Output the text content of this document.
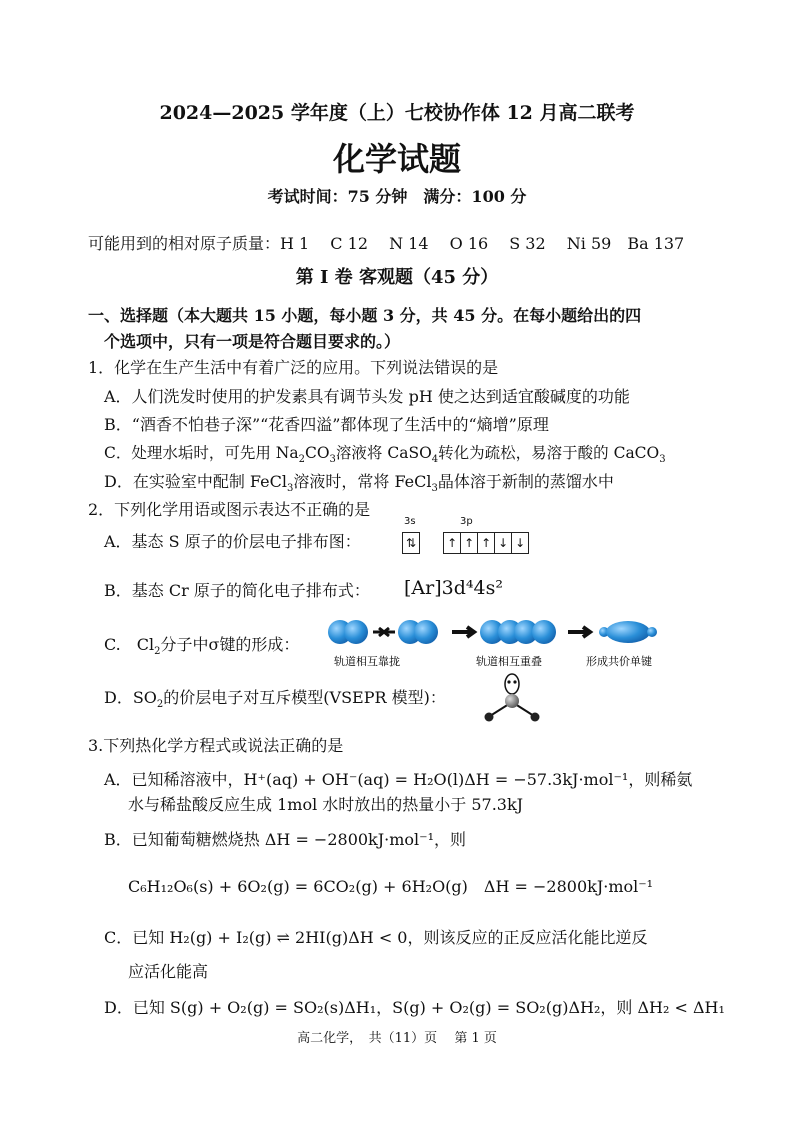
2024—2025 学年度（上）七校协作体 12 月高二联考
化学试题
考试时间：75 分钟　满分：100 分
可能用到的相对原子质量：H 1　 C 12　 N 14　 O 16　 S 32　 Ni 59　Ba 137
第 I 卷 客观题（45 分）
一、选择题（本大题共 15 小题，每小题 3 分，共 45 分。在每小题给出的四
个选项中，只有一项是符合题目要求的。）
1．化学在生产生活中有着广泛的应用。下列说法错误的是
A．人们洗发时使用的护发素具有调节头发 pH 使之达到适宜酸碱度的功能
B．“酒香不怕巷子深”“花香四溢”都体现了生活中的“熵增”原理
C．处理水垢时，可先用 $Na_2CO_3$溶液将 CaSO$_4$转化为疏松，易溶于酸的 CaCO$_3$
D．在实验室中配制 FeCl$_3$溶液时，常将 FeCl$_3$晶体溶于新制的蒸馏水中
2．下列化学用语或图示表达不正确的是
A．基态 S 原子的价层电子排布图：
3s	3p
⇅	↑ ↑ ↑ ↓ ↓
B．基态 Cr 原子的简化电子排布式： [Ar]3d⁴4s²
C.　$Cl_2$分子中σ键的形成：
轨道相互靠拢	轨道相互重叠	形成共价单键
D．$SO_2$的价层电子对互斥模型(VSEPR 模型)：
3.下列热化学方程式或说法正确的是
A．已知稀溶液中，H⁺(aq) + OH⁻(aq) = H₂O(l)ΔH = −57.3kJ·mol⁻¹，则稀氨
水与稀盐酸反应生成 1mol 水时放出的热量小于 57.3kJ
B．已知葡萄糖燃烧热 ΔH = −2800kJ·mol⁻¹，则
C₆H₁₂O₆(s) + 6O₂(g) = 6CO₂(g) + 6H₂O(g)　ΔH = −2800kJ·mol⁻¹
C．已知 H₂(g) + I₂(g) ⇌ 2HI(g)ΔH < 0，则该反应的正反应活化能比逆反
应活化能高
D．已知 S(g) + O₂(g) = SO₂(s)ΔH₁，S(g) + O₂(g) = SO₂(g)ΔH₂，则 ΔH₂ < ΔH₁
高二化学，　共（11）页　 第 1 页
